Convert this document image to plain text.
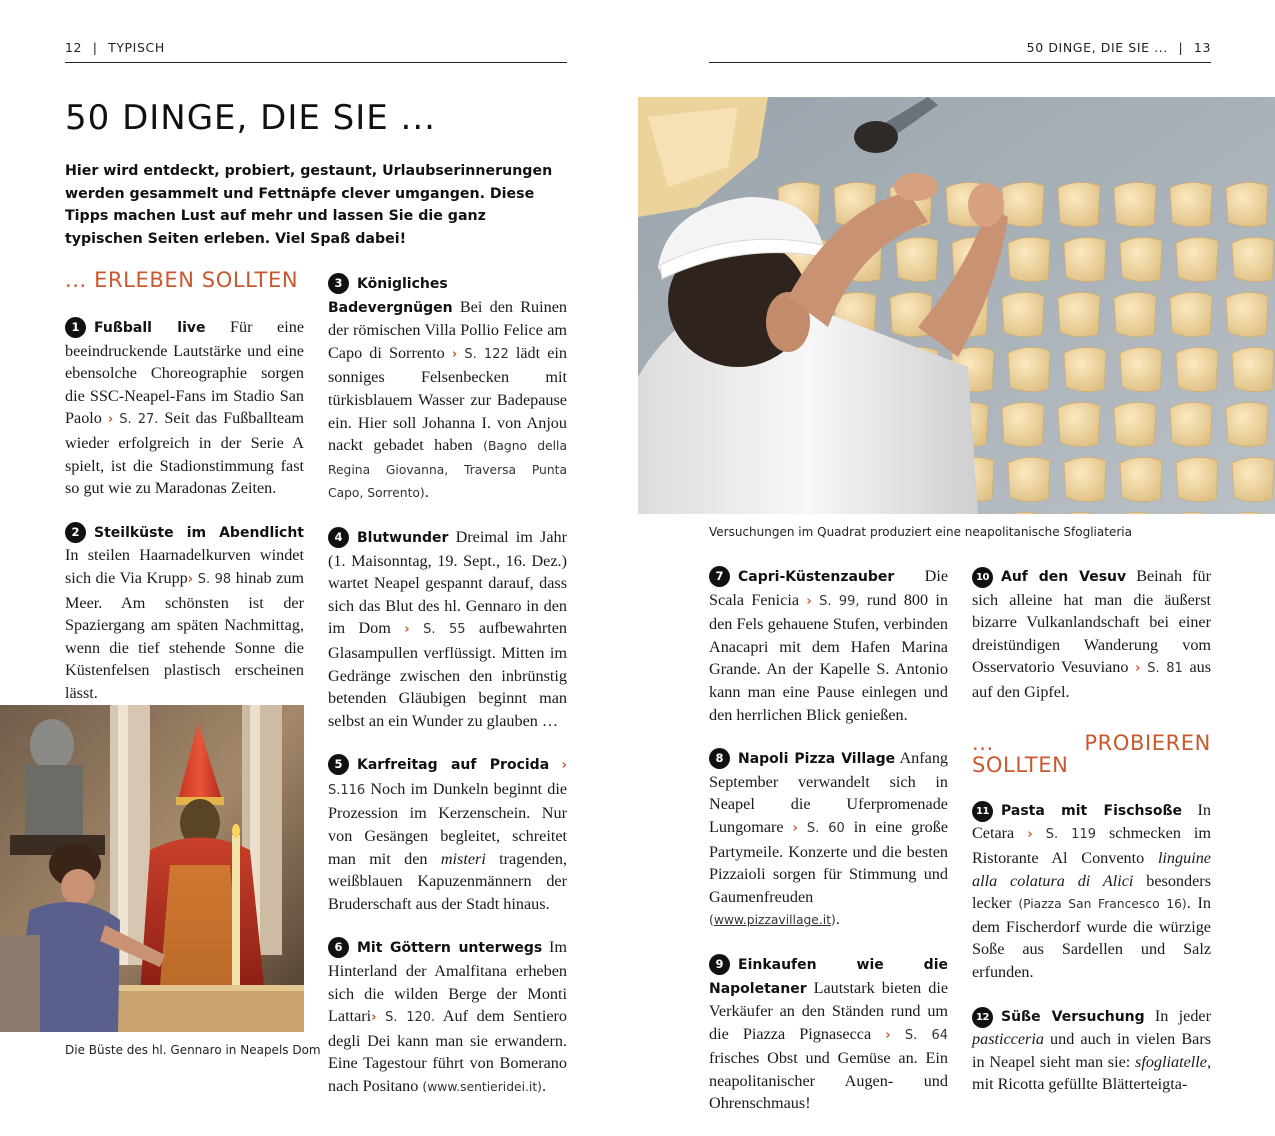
12 | TYPISCH	50 DINGE, DIE SIE ... | 13
50 DINGE, DIE SIE ...

Hier wird entdeckt, probiert, gestaunt, Urlaubserinnerungen werden gesammelt und Fettnäpfe clever umgangen. Diese Tipps machen Lust auf mehr und lassen Sie die ganz typischen Seiten erleben. Viel Spaß dabei!

... ERLEBEN SOLLTEN

1 Fußball live Für eine beeindruckende Lautstärke und eine ebensolche Choreographie sorgen die SSC-Neapel-Fans im Stadio San Paolo › S. 27. Seit das Fußballteam wieder erfolgreich in der Serie A spielt, ist die Stadionstimmung fast so gut wie zu Maradonas Zeiten.

2 Steilküste im Abendlicht In steilen Haarnadelkurven windet sich die Via Krupp› S. 98 hinab zum Meer. Am schönsten ist der Spaziergang am späten Nachmittag, wenn die tief stehende Sonne die Küstenfelsen plastisch erscheinen lässt.

Die Büste des hl. Gennaro in Neapels Dom

3 Königliches Badevergnügen Bei den Ruinen der römischen Villa Pollio Felice am Capo di Sorrento › S. 122 lädt ein sonniges Felsenbecken mit türkisblauem Wasser zur Badepause ein. Hier soll Johanna I. von Anjou nackt gebadet haben (Bagno della Regina Giovanna, Traversa Punta Capo, Sorrento).

4 Blutwunder Dreimal im Jahr (1. Maisonntag, 19. Sept., 16. Dez.) wartet Neapel gespannt darauf, dass sich das Blut des hl. Gennaro in den im Dom › S. 55 aufbewahrten Glasampullen verflüssigt. Mitten im Gedränge zwischen den inbrünstig betenden Gläubigen beginnt man selbst an ein Wunder zu glauben …

5 Karfreitag auf Procida › S.116 Noch im Dunkeln beginnt die Prozession im Kerzenschein. Nur von Gesängen begleitet, schreitet man mit den misteri tragenden, weißblauen Kapuzenmännern der Bruderschaft aus der Stadt hinaus.

6 Mit Göttern unterwegs Im Hinterland der Amalfitana erheben sich die wilden Berge der Monti Lattari› S. 120. Auf dem Sentiero degli Dei kann man sie erwandern. Eine Tagestour führt von Bomerano nach Positano (www.sentieridei.it).

Versuchungen im Quadrat produziert eine neapolitanische Sfogliateria

7 Capri-Küstenzauber Die Scala Fenicia › S. 99, rund 800 in den Fels gehauene Stufen, verbinden Anacapri mit dem Hafen Marina Grande. An der Kapelle S. Antonio kann man eine Pause einlegen und den herrlichen Blick genießen.

8 Napoli Pizza Village Anfang September verwandelt sich in Neapel die Uferpromenade Lungomare › S. 60 in eine große Partymeile. Konzerte und die besten Pizzaioli sorgen für Stimmung und Gaumenfreuden (www.pizzavillage.it).

9 Einkaufen wie die Napoletaner Lautstark bieten die Verkäufer an den Ständen rund um die Piazza Pignasecca › S. 64 frisches Obst und Gemüse an. Ein neapolitanischer Augen- und Ohrenschmaus!

10 Auf den Vesuv Beinah für sich alleine hat man die äußerst bizarre Vulkanlandschaft bei einer dreistündigen Wanderung vom Osservatorio Vesuviano › S. 81 aus auf den Gipfel.

... PROBIEREN SOLLTEN

11 Pasta mit Fischsoße In Cetara › S. 119 schmecken im Ristorante Al Convento linguine alla colatura di Alici besonders lecker (Piazza San Francesco 16). In dem Fischerdorf wurde die würzige Soße aus Sardellen und Salz erfunden.

12 Süße Versuchung In jeder pasticceria und auch in vielen Bars in Neapel sieht man sie: sfogliatelle, mit Ricotta gefüllte Blätterteigta-
